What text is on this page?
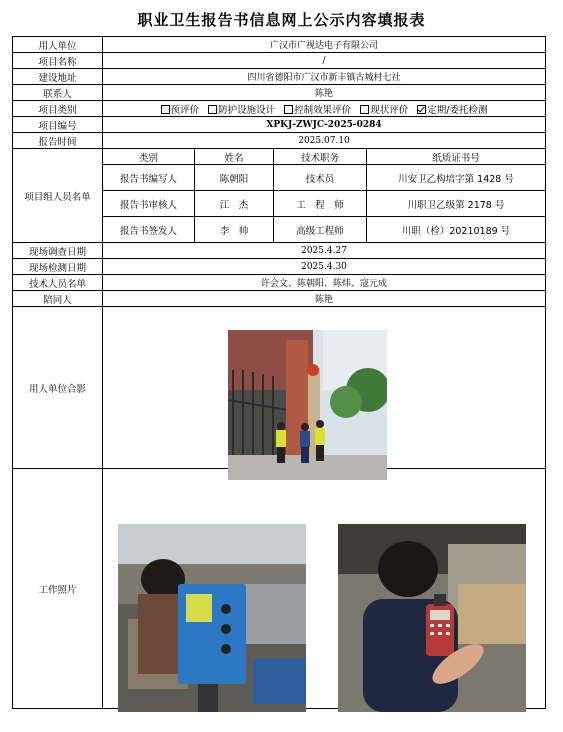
职业卫生报告书信息网上公示内容填报表
用人单位	广汉市广视达电子有限公司			
项目名称	/			
建设地址	四川省德阳市广汉市新丰镇古城村七社			
联系人	陈艳			
项目类别	预评价 防护设施设计 控制效果评价 现状评价 定期/委托检测			
项目编号	XPKJ-ZWJC-2025-0284			
报告时间	2025.07.10			
项目组人员名单	类别	姓名	技术职务	纸质证书号
	报告书编写人	陈朝阳	技术员	川安卫乙构培字第 1428 号
	报告书审核人	江　杰	工　程　师	川职卫乙级第 2178 号
	报告书签发人	李　帅	高级工程师	川职（检）20210189 号
现场调查日期	2025.4.27			
现场检测日期	2025.4.30			
技术人员名单	许会文、陈朝阳、陈炜、寇元成			
陪同人	陈艳			
用人单位合影				
工作照片				
